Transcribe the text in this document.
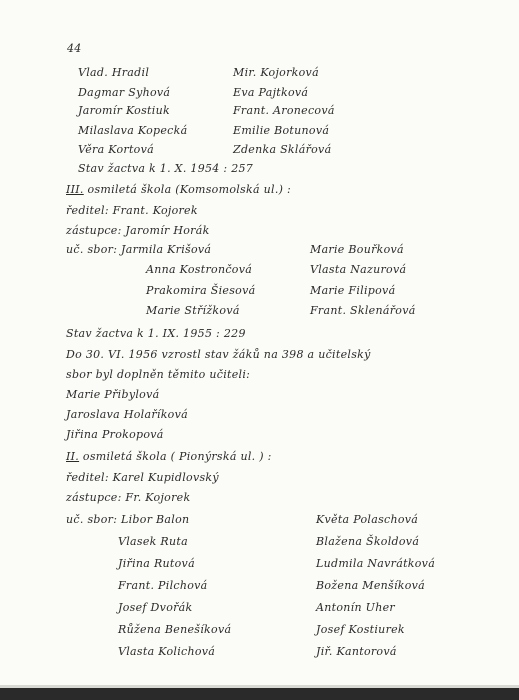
44
Vlad. Hradil	Mir. Kojorková
Dagmar Syhová	Eva Pajtková
Jaromír Kostiuk	Frant. Aronecová
Milaslava Kopecká	Emilie Botunová
Věra Kortová	Zdenka Sklářová
Stav žactva k 1. X. 1954 : 257
III. osmiletá škola (Komsomolská ul.) :
ředitel: Frant. Kojorek
zástupce: Jaromír Horák
uč. sbor: Jarmila Krišová	Marie Bouřková
Anna Kostrončová	Vlasta Nazurová
Prakomira Šiesová	Marie Filipová
Marie Střížková	Frant. Sklenářová
Stav žactva k 1. IX. 1955 : 229
Do 30. VI. 1956 vzrostl stav žáků na 398 a učitelský
sbor byl doplněn těmito učiteli:
Marie Přibylová
Jaroslava Holaříková
Jiřina Prokopová
II. osmiletá škola ( Pionýrská ul. ) :
ředitel: Karel Kupidlovský
zástupce: Fr. Kojorek
uč. sbor: Libor Balon	Květa Polaschová
Vlasek Ruta	Blažena Školdová
Jiřina Rutová	Ludmila Navrátková
Frant. Pilchová	Božena Menšíková
Josef Dvořák	Antonín Uher
Růžena Benešíková	Josef Kostiurek
Vlasta Kolichová	Jiř. Kantorová
